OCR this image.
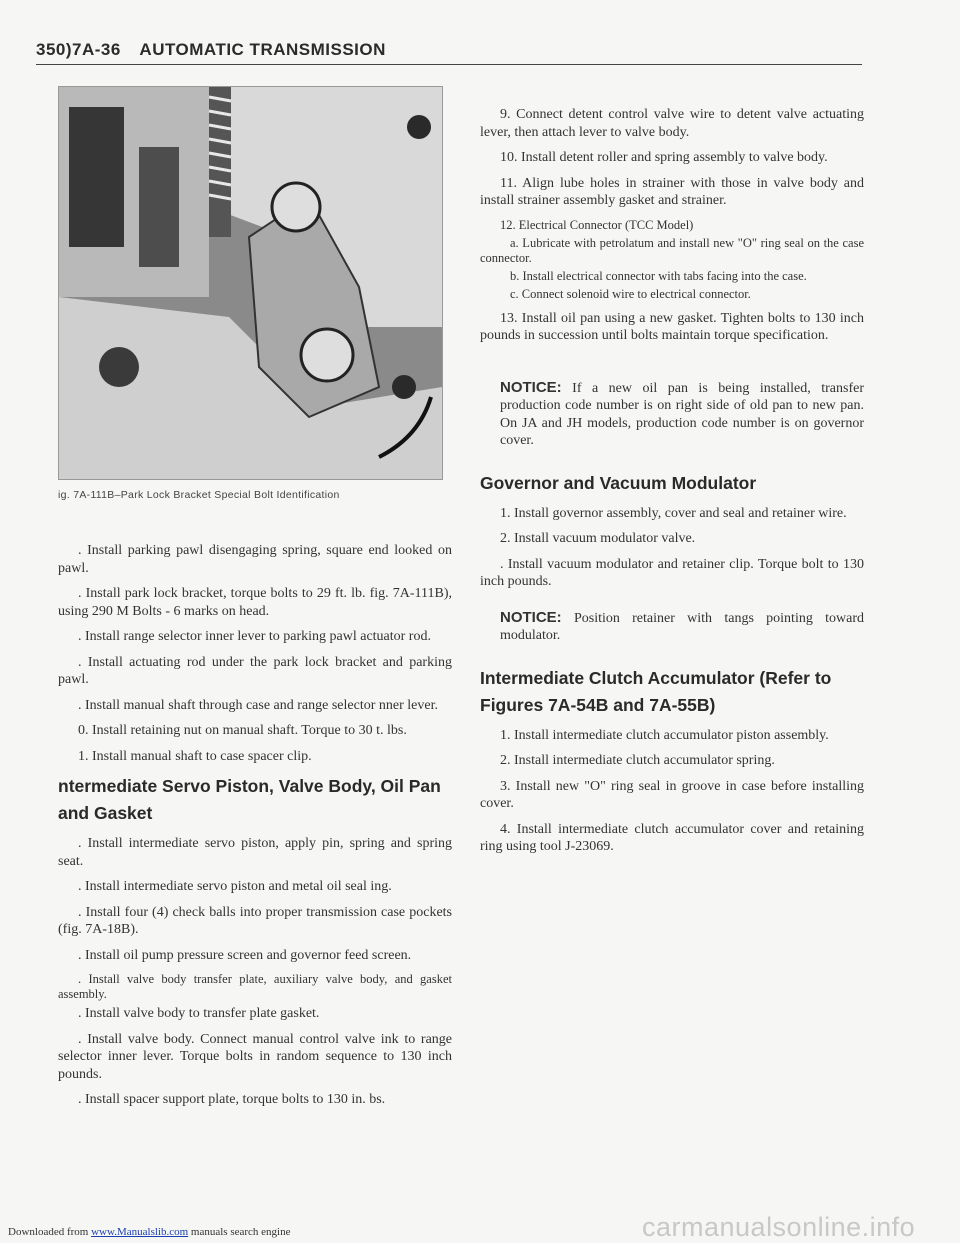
350)7A-36 AUTOMATIC TRANSMISSION
ig. 7A-111B–Park Lock Bracket Special Bolt Identification

. Install parking pawl disengaging spring, square end looked on pawl.

. Install park lock bracket, torque bolts to 29 ft. lb. fig. 7A-111B), using 290 M Bolts - 6 marks on head.

. Install range selector inner lever to parking pawl actuator rod.

. Install actuating rod under the park lock bracket and parking pawl.

. Install manual shaft through case and range selector nner lever.

0. Install retaining nut on manual shaft. Torque to 30 t. lbs.

1. Install manual shaft to case spacer clip.

ntermediate Servo Piston, Valve Body, Oil Pan and Gasket

. Install intermediate servo piston, apply pin, spring and spring seat.

. Install intermediate servo piston and metal oil seal ing.

. Install four (4) check balls into proper transmission case pockets (fig. 7A-18B).

. Install oil pump pressure screen and governor feed screen.

. Install valve body transfer plate, auxiliary valve body, and gasket assembly.

. Install valve body to transfer plate gasket.

. Install valve body. Connect manual control valve ink to range selector inner lever. Torque bolts in random sequence to 130 inch pounds.

. Install spacer support plate, torque bolts to 130 in. bs.

9. Connect detent control valve wire to detent valve actuating lever, then attach lever to valve body.

10. Install detent roller and spring assembly to valve body.

11. Align lube holes in strainer with those in valve body and install strainer assembly gasket and strainer.

12. Electrical Connector (TCC Model)

a. Lubricate with petrolatum and install new "O" ring seal on the case connector.

b. Install electrical connector with tabs facing into the case.

c. Connect solenoid wire to electrical connector.

13. Install oil pan using a new gasket. Tighten bolts to 130 inch pounds in succession until bolts maintain torque specification.

NOTICE: If a new oil pan is being installed, transfer production code number is on right side of old pan to new pan. On JA and JH models, production code number is on governor cover.
Governor and Vacuum Modulator

1. Install governor assembly, cover and seal and retainer wire.

2. Install vacuum modulator valve.

. Install vacuum modulator and retainer clip. Torque bolt to 130 inch pounds.

NOTICE: Position retainer with tangs pointing toward modulator.
Intermediate Clutch Accumulator (Refer to Figures 7A-54B and 7A-55B)

1. Install intermediate clutch accumulator piston assembly.

2. Install intermediate clutch accumulator spring.

3. Install new "O" ring seal in groove in case before installing cover.

4. Install intermediate clutch accumulator cover and retaining ring using tool J-23069.

Downloaded from www.Manualslib.com manuals search engine	carmanualsonline.info
